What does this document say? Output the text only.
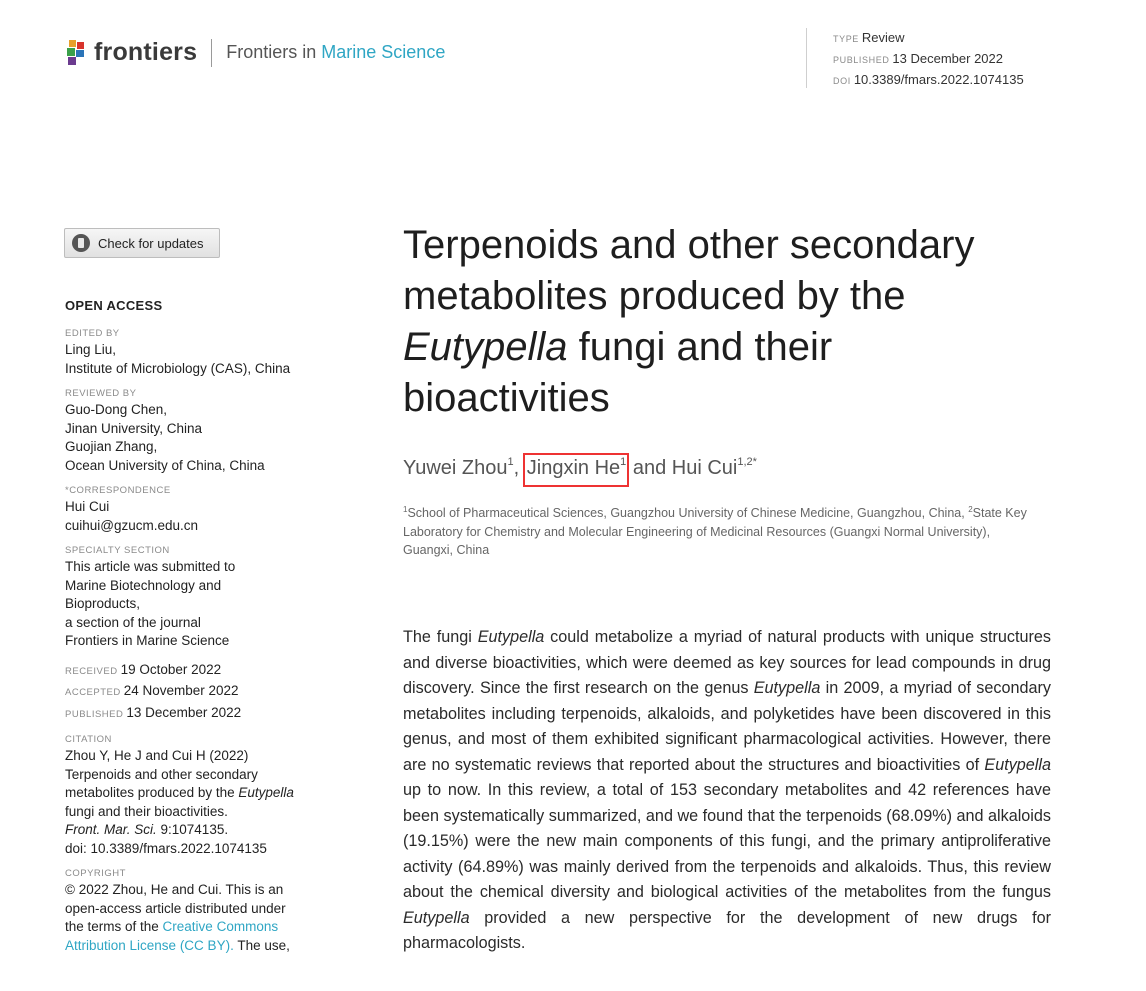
frontiers Frontiers in Marine Science
TYPE Review
PUBLISHED 13 December 2022
DOI 10.3389/fmars.2022.1074135
Check for updates
OPEN ACCESS
EDITED BY
Ling Liu,
Institute of Microbiology (CAS), China
REVIEWED BY
Guo-Dong Chen,
Jinan University, China
Guojian Zhang,
Ocean University of China, China
*CORRESPONDENCE
Hui Cui
cuihui@gzucm.edu.cn
SPECIALTY SECTION
This article was submitted to
Marine Biotechnology and
Bioproducts,
a section of the journal
Frontiers in Marine Science
RECEIVED 19 October 2022
ACCEPTED 24 November 2022
PUBLISHED 13 December 2022
CITATION
Zhou Y, He J and Cui H (2022)
Terpenoids and other secondary
metabolites produced by the Eutypella
fungi and their bioactivities.
Front. Mar. Sci. 9:1074135.
doi: 10.3389/fmars.2022.1074135
COPYRIGHT
© 2022 Zhou, He and Cui. This is an
open-access article distributed under
the terms of the Creative Commons
Attribution License (CC BY). The use,
Terpenoids and other secondary metabolites produced by the Eutypella fungi and their bioactivities
Yuwei Zhou$^1$, Jingxin He$^1$ and Hui Cui$^{1,2*}$
$^1$School of Pharmaceutical Sciences, Guangzhou University of Chinese Medicine, Guangzhou, China, $^2$State Key Laboratory for Chemistry and Molecular Engineering of Medicinal Resources (Guangxi Normal University), Guangxi, China

The fungi Eutypella could metabolize a myriad of natural products with unique structures and diverse bioactivities, which were deemed as key sources for lead compounds in drug discovery. Since the first research on the genus Eutypella in 2009, a myriad of secondary metabolites including terpenoids, alkaloids, and polyketides have been discovered in this genus, and most of them exhibited significant pharmacological activities. However, there are no systematic reviews that reported about the structures and bioactivities of Eutypella up to now. In this review, a total of 153 secondary metabolites and 42 references have been systematically summarized, and we found that the terpenoids (68.09%) and alkaloids (19.15%) were the new main components of this fungi, and the primary antiproliferative activity (64.89%) was mainly derived from the terpenoids and alkaloids. Thus, this review about the chemical diversity and biological activities of the metabolites from the fungus Eutypella provided a new perspective for the development of new drugs for pharmacologists.
